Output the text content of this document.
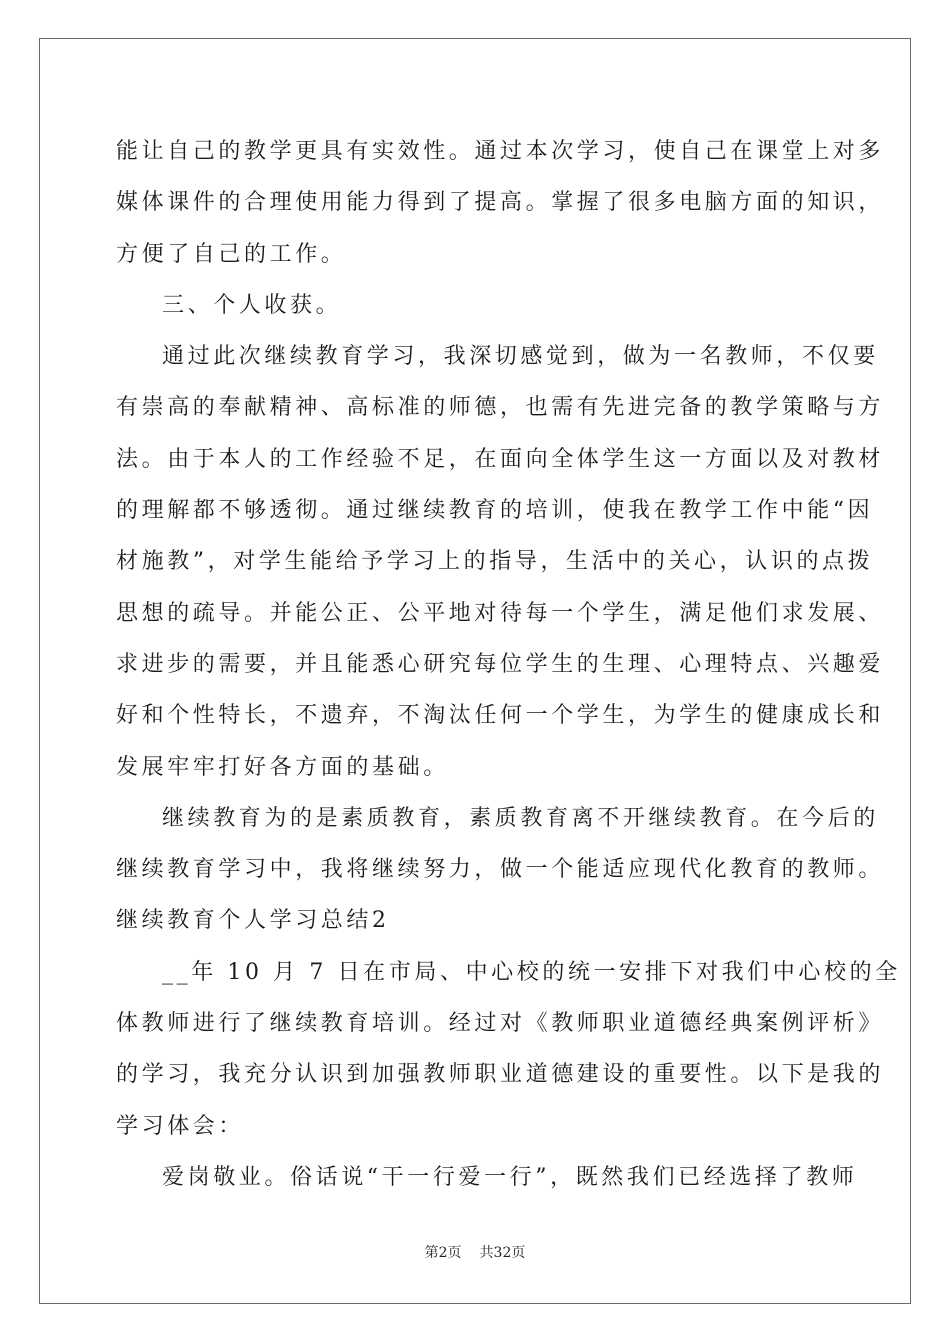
能让自己的教学更具有实效性。通过本次学习，使自己在课堂上对多
媒体课件的合理使用能力得到了提高。掌握了很多电脑方面的知识，
方便了自己的工作。
三、个人收获。
通过此次继续教育学习，我深切感觉到，做为一名教师，不仅要
有崇高的奉献精神、高标准的师德，也需有先进完备的教学策略与方
法。由于本人的工作经验不足，在面向全体学生这一方面以及对教材
的理解都不够透彻。通过继续教育的培训，使我在教学工作中能“因
材施教”，对学生能给予学习上的指导，生活中的关心，认识的点拨
思想的疏导。并能公正、公平地对待每一个学生，满足他们求发展、
求进步的需要，并且能悉心研究每位学生的生理、心理特点、兴趣爱
好和个性特长，不遗弃，不淘汰任何一个学生，为学生的健康成长和
发展牢牢打好各方面的基础。
继续教育为的是素质教育，素质教育离不开继续教育。在今后的
继续教育学习中，我将继续努力，做一个能适应现代化教育的教师。
继续教育个人学习总结2
__年 10 月 7 日在市局、中心校的统一安排下对我们中心校的全
体教师进行了继续教育培训。经过对《教师职业道德经典案例评析》
的学习，我充分认识到加强教师职业道德建设的重要性。以下是我的
学习体会：
爱岗敬业。俗话说“干一行爱一行”，既然我们已经选择了教师
第2页 共32页
